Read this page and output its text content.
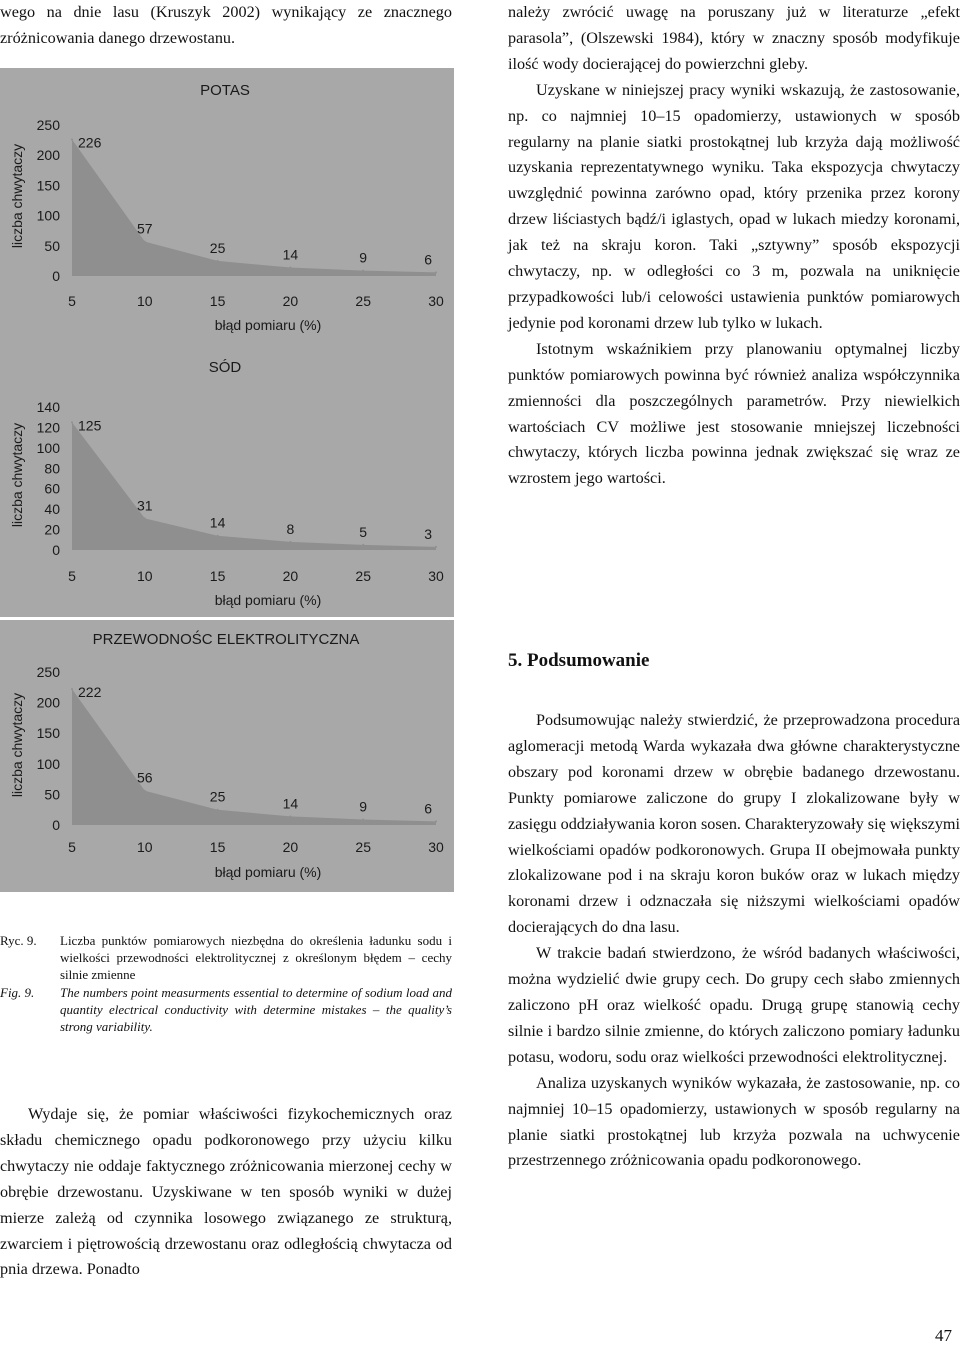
wego na dnie lasu (Kruszyk 2002) wynikający ze znacznego zróżnicowania danego drzewostanu.

POTAS
226
57
25	14	9	6
0
50
100
150
200
250
5	10	15	20	25	30
błąd pomiaru (%)
liczba chwytaczy
SÓD
125
31
14	8	5	3
0
20
40
60
80
100
120
140
5	10	15	20	25	30
błąd pomiaru (%)
liczba chwytaczy
PRZEWODNOŚC ELEKTROLITYCZNA
222
56
25	14	9	6
0
50
100
150
200
250
5	10	15	20	25	30
błąd pomiaru (%)
liczba chwytaczy
Ryc. 9.	Liczba punktów pomiarowych niezbędna do określenia ładunku sodu i wielkości przewodności elektrolitycznej z określonym błędem – cechy silnie zmienne
Fig. 9.	The numbers point measurments essential to determine of sodium load and quantity electrical conductivity with determine mistakes – the quality’s strong variability.

Wydaje się, że pomiar właściwości fizykochemicznych oraz składu chemicznego opadu podkoronowego przy użyciu kilku chwytaczy nie oddaje faktycznego zróżnicowania mierzonej cechy w obrębie drzewostanu. Uzyskiwane w ten sposób wyniki w dużej mierze zależą od czynnika losowego związanego ze strukturą, zwarciem i piętrowością drzewostanu oraz odległością chwytacza od pnia drzewa. Ponadto

należy zwrócić uwagę na poruszany już w literaturze „efekt parasola”, (Olszewski 1984), który w znaczny sposób modyfikuje ilość wody docierającej do powierzchni gleby.

Uzyskane w niniejszej pracy wyniki wskazują, że zastosowanie, np. co najmniej 10–15 opadomierzy, ustawionych w sposób regularny na planie siatki prostokątnej lub krzyża dają możliwość uzyskania reprezentatywnego wyniku. Taka ekspozycja chwytaczy uwzględnić powinna zarówno opad, który przenika przez korony drzew liściastych bądź/i iglastych, opad w lukach miedzy koronami, jak też na skraju koron. Taki „sztywny” sposób ekspozycji chwytaczy, np. w odległości co 3 m, pozwala na uniknięcie przypadkowości lub/i celowości ustawienia punktów pomiarowych jedynie pod koronami drzew lub tylko w lukach.

Istotnym wskaźnikiem przy planowaniu optymalnej liczby punktów pomiarowych powinna być również analiza współczynnika zmienności dla poszczególnych parametrów. Przy niewielkich wartościach CV możliwe jest stosowanie mniejszej liczebności chwytaczy, których liczba powinna jednak zwiększać się wraz ze wzrostem jego wartości.

5. Podsumowanie

Podsumowując należy stwierdzić, że przeprowadzona procedura aglomeracji metodą Warda wykazała dwa główne charakterystyczne obszary pod koronami drzew w obrębie badanego drzewostanu. Punkty pomiarowe zaliczone do grupy I zlokalizowane były w zasięgu oddziaływania koron sosen. Charakteryzowały się większymi wielkościami opadów podkoronowych. Grupa II obejmowała punkty zlokalizowane pod i na skraju koron buków oraz w lukach między koronami drzew i odznaczała się niższymi wielkościami opadów docierających do dna lasu.

W trakcie badań stwierdzono, że wśród badanych właściwości, można wydzielić dwie grupy cech. Do grupy cech słabo zmiennych zaliczono pH oraz wielkość opadu. Drugą grupę stanowią cechy silnie i bardzo silnie zmienne, do których zaliczono pomiary ładunku potasu, wodoru, sodu oraz wielkości przewodności elektrolitycznej.

Analiza uzyskanych wyników wykazała, że zastosowanie, np. co najmniej 10–15 opadomierzy, ustawionych w sposób regularny na planie siatki prostokątnej lub krzyża pozwala na uchwycenie przestrzennego zróżnicowania opadu podkoronowego.

47
